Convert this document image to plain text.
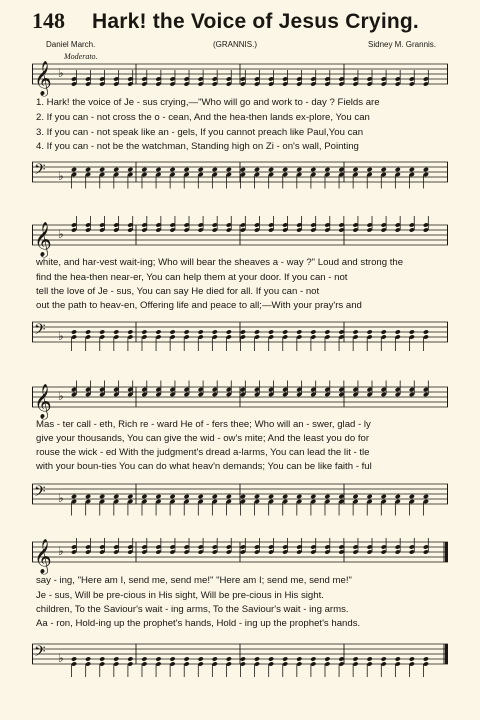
148 Hark! the Voice of Jesus Crying.
Daniel March.	(GRANNIS.)	Sidney M. Grannis.
Moderato.
𝄞 ♭
1. Hark! the voice of Je - sus crying,—"Who will go and work to - day ? Fields are
2. If you can - not cross the o - cean, And the hea-then lands ex-plore, You can
3. If you can - not speak like an - gels, If you cannot preach like Paul,You can
4. If you can - not be the watchman, Standing high on Zi - on's wall, Pointing
𝄢 ♭
𝄞 ♭
white, and har-vest wait-ing; Who will bear the sheaves a - way ?" Loud and strong the
find the hea-then near-er, You can help them at your door. If you can - not
tell the love of Je - sus, You can say He died for all. If you can - not
out the path to heav-en, Offering life and peace to all;—With your pray'rs and
𝄢 ♭
𝄞 ♭
Mas - ter call - eth, Rich re - ward He of - fers thee; Who will an - swer, glad - ly
give your thousands, You can give the wid - ow's mite; And the least you do for
rouse the wick - ed With the judgment's dread a-larms, You can lead the lit - tle
with your boun-ties You can do what heav'n demands; You can be like faith - ful
𝄢 ♭
𝄞 ♭
say - ing, "Here am I, send me, send me!" "Here am I; send me, send me!"
Je - sus, Will be pre-cious in His sight, Will be pre-cious in His sight.
children, To the Saviour's wait - ing arms, To the Saviour's wait - ing arms.
Aa - ron, Hold-ing up the prophet's hands, Hold - ing up the prophet's hands.
𝄢 ♭
